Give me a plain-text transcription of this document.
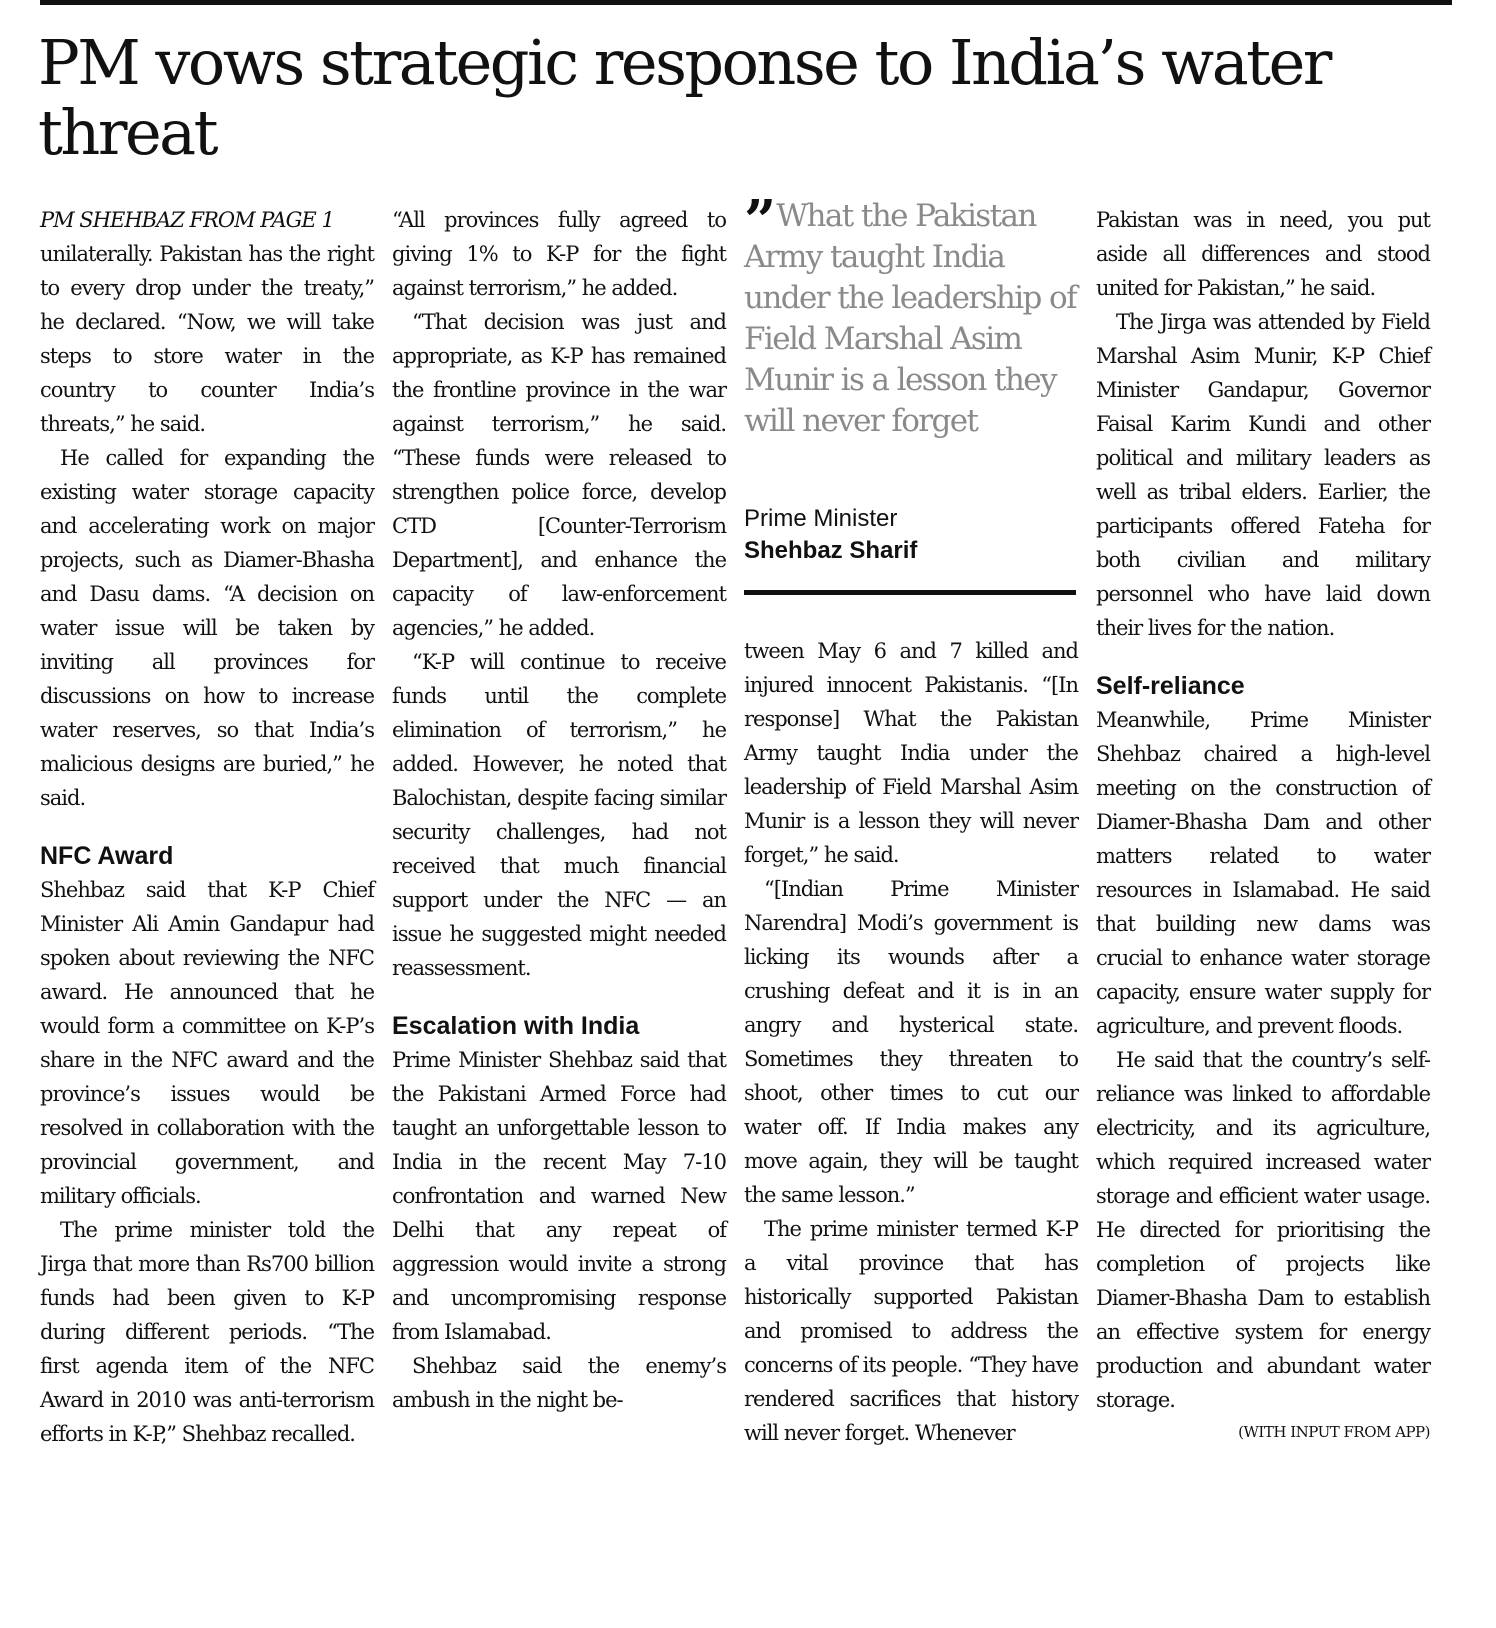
PM vows strategic response to India’s water threat

PM SHEHBAZ FROM PAGE 1

unilaterally. Pakistan has the right to every drop under the treaty,” he declared. “Now, we will take steps to store water in the country to counter India’s threats,” he said.

He called for expanding the existing water storage capacity and accelerating work on major projects, such as Diamer-Bhasha and Dasu dams. “A decision on water issue will be taken by inviting all provinces for discussions on how to increase water reserves, so that India’s malicious designs are buried,” he said.

NFC Award

Shehbaz said that K-P Chief Minister Ali Amin Gandapur had spoken about reviewing the NFC award. He announced that he would form a committee on K-P’s share in the NFC award and the province’s issues would be resolved in collaboration with the provincial government, and military officials.

The prime minister told the Jirga that more than Rs700 billion funds had been given to K-P during different periods. “The first agenda item of the NFC Award in 2010 was anti-terrorism efforts in K-P,” Shehbaz recalled.

“All provinces fully agreed to giving 1% to K-P for the fight against terrorism,” he added.

“That decision was just and appropriate, as K-P has remained the frontline province in the war against terrorism,” he said. “These funds were released to strengthen police force, develop CTD [Counter-Terrorism Department], and enhance the capacity of law-enforcement agencies,” he added.

“K-P will continue to receive funds until the complete elimination of terrorism,” he added. However, he noted that Balochistan, despite facing similar security challenges, had not received that much financial support under the NFC — an issue he suggested might needed reassessment.

Escalation with India

Prime Minister Shehbaz said that the Pakistani Armed Force had taught an unforgettable lesson to India in the recent May 7-10 confrontation and warned New Delhi that any repeat of aggression would invite a strong and uncompromising response from Islamabad.

Shehbaz said the enemy’s ambush in the night be-

” What the Pakistan Army taught India under the leadership of Field Marshal Asim Munir is a lesson they will never forget
Prime Minister
Shehbaz Sharif

tween May 6 and 7 killed and injured innocent Pakistanis. “[In response] What the Pakistan Army taught India under the leadership of Field Marshal Asim Munir is a lesson they will never forget,” he said.

“[Indian Prime Minister Narendra] Modi’s government is licking its wounds after a crushing defeat and it is in an angry and hysterical state. Sometimes they threaten to shoot, other times to cut our water off. If India makes any move again, they will be taught the same lesson.”

The prime minister termed K-P a vital province that has historically supported Pakistan and promised to address the concerns of its people. “They have rendered sacrifices that history will never forget. Whenever

Pakistan was in need, you put aside all differences and stood united for Pakistan,” he said.

The Jirga was attended by Field Marshal Asim Munir, K-P Chief Minister Gandapur, Governor Faisal Karim Kundi and other political and military leaders as well as tribal elders. Earlier, the participants offered Fateha for both civilian and military personnel who have laid down their lives for the nation.

Self-reliance

Meanwhile, Prime Minister Shehbaz chaired a high-level meeting on the construction of Diamer-Bhasha Dam and other matters related to water resources in Islamabad. He said that building new dams was crucial to enhance water storage capacity, ensure water supply for agriculture, and prevent floods.

He said that the country’s self-reliance was linked to affordable electricity, and its agriculture, which required increased water storage and efficient water usage. He directed for prioritising the completion of projects like Diamer-Bhasha Dam to establish an effective system for energy production and abundant water storage.

(WITH INPUT FROM APP)
